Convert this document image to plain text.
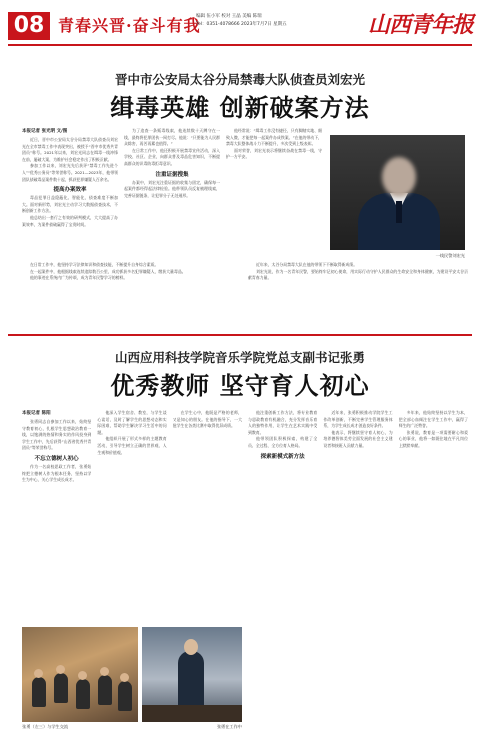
08 青春兴晋·奋斗有我
编辑 伍小军 校对 王晶 美编 陈瑞
Tel：0351-4078666 2023年7月7日 星期五	山西青年报
晋中市公安局太谷分局禁毒大队侦查员刘宏光
缉毒英雄 创新破案方法

本报记者 张光明 文/图

近日，晋中市公安局太谷分局禁毒大队侦查员刘宏光在全市禁毒工作中表现突出，被授予“晋中市优秀共青团员”称号。2021年以来，刘宏光同志在缉毒一线冲锋在前，屡破大案，为维护社会稳定作出了积极贡献。

参加工作以来，刘宏光先后获评“禁毒工作先进个人”“优秀公务员”等荣誉称号。2021—2023年，他带领团队侦破毒品案件数十起，抓获犯罪嫌疑人百余名。

提高办案效率

毒品犯罪日益隐蔽化、智能化，侦查难度不断加大。面对新形势，刘宏光主动学习大数据侦查技术，不断创新工作方法。

他总结出一套行之有效的研判模式，大大提高了办案效率，为案件侦破赢得了宝贵时间。

为了追查一条贩毒线索，他连续数十天蹲守在一线，最终将犯罪团伙一网打尽。他说：“只要能为人民群众除害，再苦再累也值得。”

在日常工作中，他还积极开展禁毒宣传活动，深入学校、社区、企业，向群众普及毒品危害知识，不断提高群众的识毒防毒拒毒意识。

注重证据搜集

办案中，刘宏光注重证据的收集与固定，确保每一起案件都经得起法律检验。他带领队员反复梳理线索，完善证据链条，让犯罪分子无处遁形。

他经常说：“缉毒工作没有捷径，只有脚踏实地、细致入微，才能把每一起案件办成铁案。”在他的带动下，禁毒大队整体战斗力不断提升，多次受到上级表彰。

面对荣誉，刘宏光表示将继续奋战在禁毒一线，守护一方平安。

一线民警刘宏光

在日常工作中，他坚持学习法律知识和侦查技能，不断提升自身综合素质。

在一起案件中，他根据线索连续追踪数百公里，成功抓获多名犯罪嫌疑人，缴获大量毒品。

他的事迹在系统内广为传颂，成为青年民警学习的榜样。

近年来，太谷分局禁毒大队在他的带领下不断取得新成绩。

刘宏光说，作为一名青年民警，要始终牢记初心使命，用实际行动守护人民群众的生命安全和身体健康，为建设平安太谷贡献青春力量。

山西应用科技学院音乐学院党总支副书记张勇
优秀教师 坚守育人初心

本报记者 陈阳

张勇同志自参加工作以来，始终坚守教育初心，扎根学生思想政治教育一线，以饱满的热情和务实的作风投身到学生工作中，先后获得“山西省优秀共青团员”等荣誉称号。

不忘立德树人初心

作为一名高校思政工作者，张勇始终把立德树人作为根本任务，坚持以学生为中心，关心学生成长成才。

他深入学生宿舍、教室，与学生谈心谈话，及时了解学生的思想动态和实际困难，帮助学生解决学习生活中的问题。

他组织开展了形式多样的主题教育活动，引导学生树立正确的世界观、人生观和价值观。

在学生心中，他既是严格的老师，又是知心的朋友。在他的指导下，一大批学生在各类比赛中取得优异成绩。

他注重创新工作方法，将专业教育与思政教育有机融合，充分发挥音乐育人的独特作用，让学生在艺术实践中受到教育。

他带领团队积极探索，构建了全员、全过程、全方位育人格局。

探索新模式新方法

近年来，张勇积极推动学院学生工作改革创新，不断完善学生管理服务体系，为学生成长成才创造良好条件。

他表示，将继续坚守育人初心，为培养德智体美劳全面发展的社会主义建设者和接班人贡献力量。

多年来，他始终坚持以学生为本，把全部心血倾注在学生工作中，赢得了师生的广泛赞誉。

张勇说，教育是一项需要耐心和爱心的事业，他将一如既往地在平凡岗位上默默奉献。

张勇（左三）与学生交流	张勇在工作中
